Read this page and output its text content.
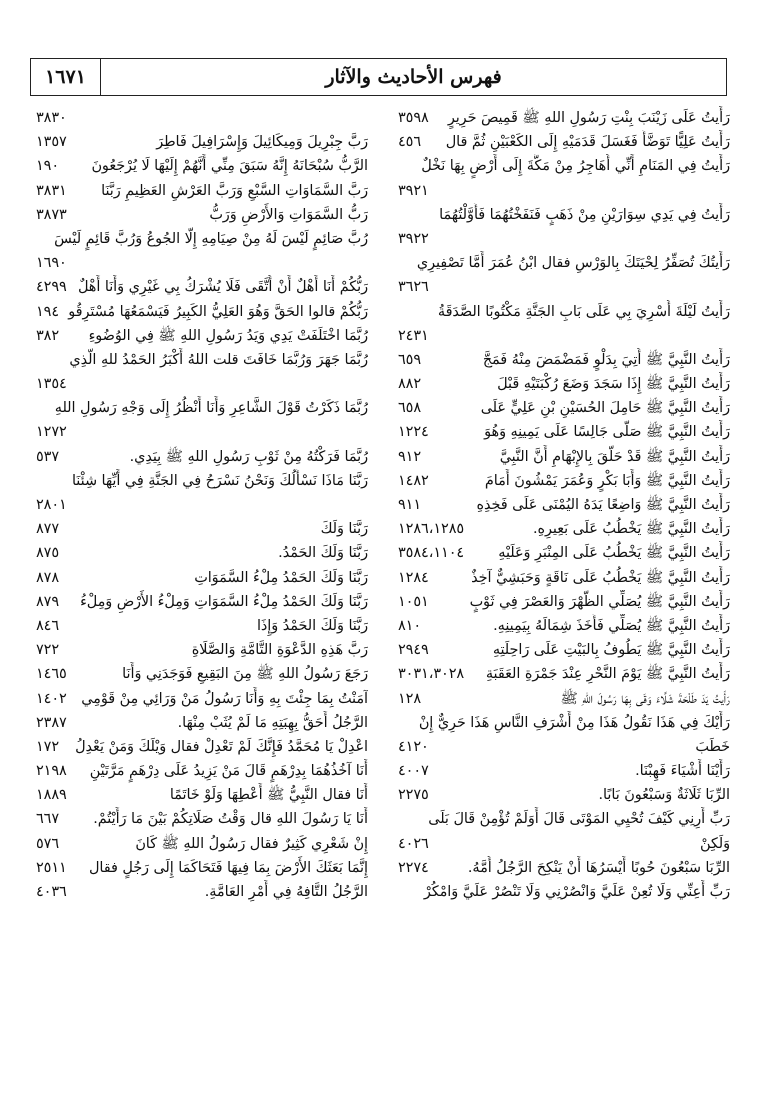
١٦٧١	فهرس الأحاديث والآثار
رَأَيتُ عَلَى زَيْنَبَ بِنْتِ رَسُولِ اللهِ ﷺ قَمِيصَ حَرِيرٍ
٣٥٩٨
رَأَيتُ عَلِيًّا تَوَضَّأَ فَغَسَلَ قَدَمَيْهِ إِلَى الكَعْبَيْنِ ثُمَّ قال
٤٥٦
رَأَيتُ فِي المَنَامِ أَنِّي أُهَاجِرُ مِنْ مَكَّةَ إِلَى أَرْضٍ بِهَا نَخْلٌ
٣٩٢١
رَأَيتُ فِي يَدِي سِوَارَيْنِ مِنْ ذَهَبٍ فَنَفَخْتُهُمَا فَأَوَّلْتُهُمَا
٣٩٢٢
رَأَيتُكَ تُصَفِّرُ لِحْيَتَكَ بِالوَرْسِ فقال ابْنُ عُمَرَ أَمَّا تَصْفِيرِي
٣٦٢٦
رَأَيتُ لَيْلَةَ أُسْرِيَ بِي عَلَى بَابِ الجَنَّةِ مَكْتُوبًا الصَّدَقَةُ
٢٤٣١
رَأَيتُ النَّبِيَّ ﷺ أُتِيَ بِدَلْوٍ فَمَضْمَضَ مِنْهُ فَمَجَّ
٦٥٩
رَأَيتُ النَّبِيَّ ﷺ إِذَا سَجَدَ وَضَعَ رُكْبَتَيْهِ قَبْلَ
٨٨٢
رَأَيتُ النَّبِيَّ ﷺ حَامِلَ الحُسَيْنِ بْنِ عَلِيٍّ عَلَى
٦٥٨
رَأَيتُ النَّبِيَّ ﷺ صَلَّى جَالِسًا عَلَى يَمِينِهِ وَهُوَ
١٢٢٤
رَأَيتُ النَّبِيَّ ﷺ قَدْ حَلَّقَ بِالإِبْهَامِ أَنَّ النَّبِيَّ
٩١٢
رَأَيتُ النَّبِيَّ ﷺ وَأَبَا بَكْرٍ وَعُمَرَ يَمْشُونَ أَمَامَ
١٤٨٢
رَأَيتُ النَّبِيَّ ﷺ وَاضِعًا يَدَهُ اليُمْنَى عَلَى فَخِذِهِ
٩١١
رَأَيتُ النَّبِيَّ ﷺ يَخْطُبُ عَلَى بَعِيرِهِ.
١٢٨٦،١٢٨٥
رَأَيتُ النَّبِيَّ ﷺ يَخْطُبُ عَلَى المِنْبَرِ وَعَلَيْهِ
٣٥٨٤،١١٠٤
رَأَيتُ النَّبِيَّ ﷺ يَخْطُبُ عَلَى نَاقَةٍ وَحَبَشِيٌّ آخِذٌ
١٢٨٤
رَأَيتُ النَّبِيَّ ﷺ يُصَلِّي الظُّهْرَ وَالعَصْرَ فِي ثَوْبٍ
١٠٥١
رَأَيتُ النَّبِيَّ ﷺ يُصَلِّي فَأَخَذَ شِمَالَهُ بِيَمِينِهِ.
٨١٠
رَأَيتُ النَّبِيَّ ﷺ يَطُوفُ بِالبَيْتِ عَلَى رَاحِلَتِهِ
٢٩٤٩
رَأَيتُ النَّبِيَّ ﷺ يَوْمَ النَّحْرِ عِنْدَ جَمْرَةِ العَقَبَةِ
٣٠٣١،٣٠٢٨
رَأَيتُ يَدَ طَلْحَةَ شَلَّاءَ وَقَى بِهَا رَسُولَ اللهِ ﷺ
١٢٨
رَأَيْكَ فِي هَذَا نَقُولُ هَذَا مِنْ أَشْرَفِ النَّاسِ هَذَا حَرِيٌّ إِنْ
خَطَبَ
٤١٢٠
رَأَيْنَا أَشْيَاءَ فَهِبْنَا.
٤٠٠٧
الرِّبَا ثَلَاثَةٌ وَسَبْعُونَ بَابًا.
٢٢٧٥
رَبِّ أَرِنِي كَيْفَ تُحْيِي المَوْتَى قَالَ أَوَلَمْ تُؤْمِنْ قَالَ بَلَى
وَلَكِنْ
٤٠٢٦
الرِّبَا سَبْعُونَ حُوبًا أَيْسَرُهَا أَنْ يَنْكِحَ الرَّجُلُ أُمَّهُ.
٢٢٧٤
رَبِّ أَعِنِّي وَلَا تُعِنْ عَلَيَّ وَانْصُرْنِي وَلَا تَنْصُرْ عَلَيَّ وَامْكُرْ
٣٨٣٠
رَبَّ جِبْرِيلَ وَمِيكَائِيلَ وَإِسْرَافِيلَ فَاطِرَ
١٣٥٧
الرَّبُّ سُبْحَانَهُ إِنَّهُ سَبَقَ مِنِّي أَنَّهُمْ إِلَيْهَا لَا يُرْجَعُونَ
١٩٠
رَبَّ السَّمَاوَاتِ السَّبْعِ وَرَبَّ العَرْشِ العَظِيمِ رَبَّنَا
٣٨٣١
رَبُّ السَّمَوَاتِ وَالأَرْضِ وَرَبُّ
٣٨٧٣
رُبَّ صَائِمٍ لَيْسَ لَهُ مِنْ صِيَامِهِ إِلَّا الجُوعُ وَرُبَّ قَائِمٍ لَيْسَ
١٦٩٠
رَبُّكُمْ أَنَا أَهْلٌ أَنْ أُتَّقَى فَلَا يُشْرَكُ بِي غَيْرِي وَأَنَا أَهْلٌ
٤٢٩٩
رَبُّكُمْ قالوا الحَقَّ وَهُوَ العَلِيُّ الكَبِيرُ فَيَسْمَعُهَا مُسْتَرِقُو
١٩٤
رُبَّمَا اخْتَلَفَتْ يَدِي وَيَدُ رَسُولِ اللهِ ﷺ فِي الوُضُوءِ
٣٨٢
رُبَّمَا جَهَرَ وَرُبَّمَا خَافَتَ قلت اللهُ أَكْبَرُ الحَمْدُ للهِ الَّذِي
١٣٥٤
رُبَّمَا ذَكَرْتُ قَوْلَ الشَّاعِرِ وَأَنَا أَنْظُرُ إِلَى وَجْهِ رَسُولِ اللهِ
١٢٧٢
رُبَّمَا فَرَكْتُهُ مِنْ ثَوْبِ رَسُولِ اللهِ ﷺ بِيَدِي.
٥٣٧
رَبَّنَا مَاذَا نَسْأَلُكَ وَنَحْنُ نَسْرَحُ فِي الجَنَّةِ فِي أَيِّهَا شِئْنَا
٢٨٠١
رَبَّنَا وَلَكَ
٨٧٧
رَبَّنَا وَلَكَ الحَمْدُ.
٨٧٥
رَبَّنَا وَلَكَ الحَمْدُ مِلْءُ السَّمَوَاتِ
٨٧٨
رَبَّنَا وَلَكَ الحَمْدُ مِلْءُ السَّمَوَاتِ وَمِلْءُ الأَرْضِ وَمِلْءُ
٨٧٩
رَبَّنَا وَلَكَ الحَمْدُ وَإِذَا
٨٤٦
رَبَّ هَذِهِ الدَّعْوَةِ التَّامَّةِ وَالصَّلَاةِ
٧٢٢
رَجَعَ رَسُولُ اللهِ ﷺ مِنَ البَقِيعِ فَوَجَدَنِي وَأَنَا
١٤٦٥
آمَنْتُ بِمَا جِئْتَ بِهِ وَأَنَا رَسُولُ مَنْ وَرَائِي مِنْ قَوْمِي
١٤٠٢
الرَّجُلُ أَحَقُّ بِهِبَتِهِ مَا لَمْ يُثَبْ مِنْهَا.
٢٣٨٧
اعْدِلْ يَا مُحَمَّدُ فَإِنَّكَ لَمْ تَعْدِلْ فقال وَيْلَكَ وَمَنْ يَعْدِلُ
١٧٢
أَنَا آخُذُهُمَا بِدِرْهَمٍ قَالَ مَنْ يَزِيدُ عَلَى دِرْهَمٍ مَرَّتَيْنِ
٢١٩٨
أَنَا فقال النَّبِيُّ ﷺ أَعْطِهَا وَلَوْ خَاتَمًا
١٨٨٩
أَنَا يَا رَسُولَ اللهِ قال وَقْتُ صَلَاتِكُمْ بَيْنَ مَا رَأَيْتُمْ.
٦٦٧
إِنْ شَعْرِي كَثِيرٌ فقال رَسُولُ اللهِ ﷺ كَانَ
٥٧٦
إِنَّمَا بَعَثَكَ الأَرْضَ بِمَا فِيهَا فَتَحَاكَمَا إِلَى رَجُلٍ فقال
٢٥١١
الرَّجُلُ التَّافِهُ فِي أَمْرِ العَامَّةِ.
٤٠٣٦
